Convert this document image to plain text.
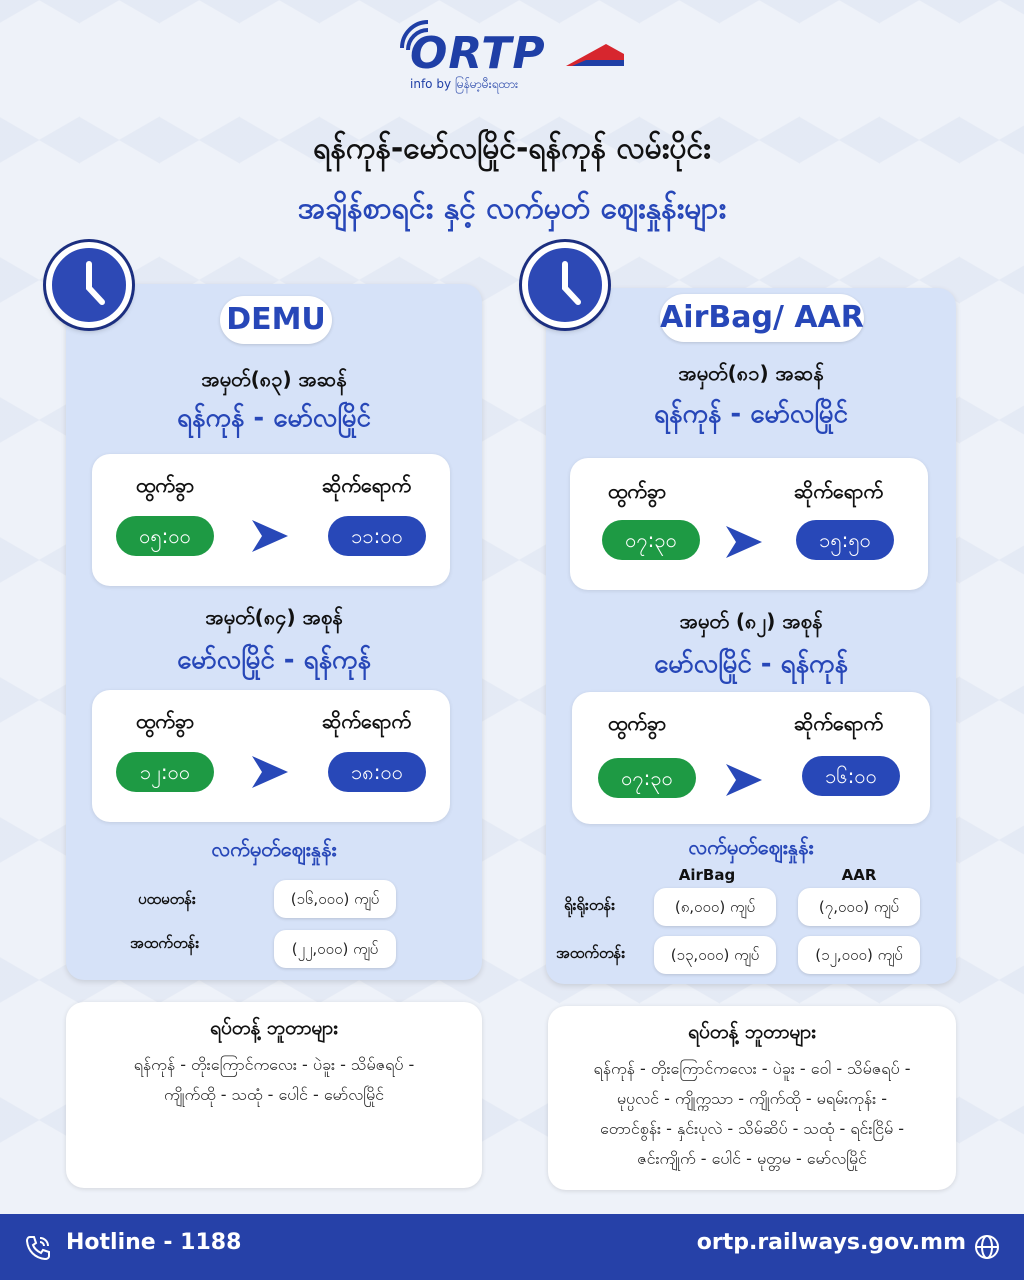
ORTP
info by မြန်မာ့မီးရထား
ရန်ကုန်-မော်လမြိုင်-ရန်ကုန် လမ်းပိုင်း
အချိန်စာရင်း နှင့် လက်မှတ် ဈေးနှုန်းများ
DEMU
အမှတ်(၈၃) အဆန်
ရန်ကုန် - မော်လမြိုင်
ထွက်ခွာ	ဆိုက်ရောက်
၀၅:၀၀	၁၁:၀၀
အမှတ်(၈၄) အစုန်
မော်လမြိုင် - ရန်ကုန်
ထွက်ခွာ	ဆိုက်ရောက်
၁၂:၀၀	၁၈:၀၀
လက်မှတ်ဈေးနှုန်း
ပထမတန်း	(၁၆,၀၀၀) ကျပ်
အထက်တန်း	(၂၂,၀၀၀) ကျပ်
AirBag/ AAR
အမှတ်(၈၁) အဆန်
ရန်ကုန် - မော်လမြိုင်
ထွက်ခွာ	ဆိုက်ရောက်
၀၇:၃၀	၁၅:၅၀
အမှတ် (၈၂) အစုန်
မော်လမြိုင် - ရန်ကုန်
ထွက်ခွာ	ဆိုက်ရောက်
၀၇:၃၀	၁၆:၀၀
လက်မှတ်ဈေးနှုန်း
AirBag	AAR
ရိုးရိုးတန်း	(၈,၀၀၀) ကျပ်	(၇,၀၀၀) ကျပ်
အထက်တန်း	(၁၃,၀၀၀) ကျပ်	(၁၂,၀၀၀) ကျပ်
ရပ်တန့် ဘူတာများ
ရန်ကုန် - တိုးကြောင်ကလေး - ပဲခူး - သိမ်ဇရပ် -
ကျိုက်ထို - သထုံ - ပေါင် - မော်လမြိုင်
ရပ်တန့် ဘူတာများ
ရန်ကုန် - တိုးကြောင်ကလေး - ပဲခူး - ဝေါ - သိမ်ဇရပ် -
မုပ္ပလင် - ကျိုက္ကသာ - ကျိုက်ထို - မရမ်းကုန်း -
တောင်စွန်း - နှင်းပုလဲ - သိမ်ဆိပ် - သထုံ - ရင်းငြိမ် -
ဇင်းကျိုက် - ပေါင် - မုတ္တမ - မော်လမြိုင်
Hotline - 1188	ortp.railways.gov.mm
